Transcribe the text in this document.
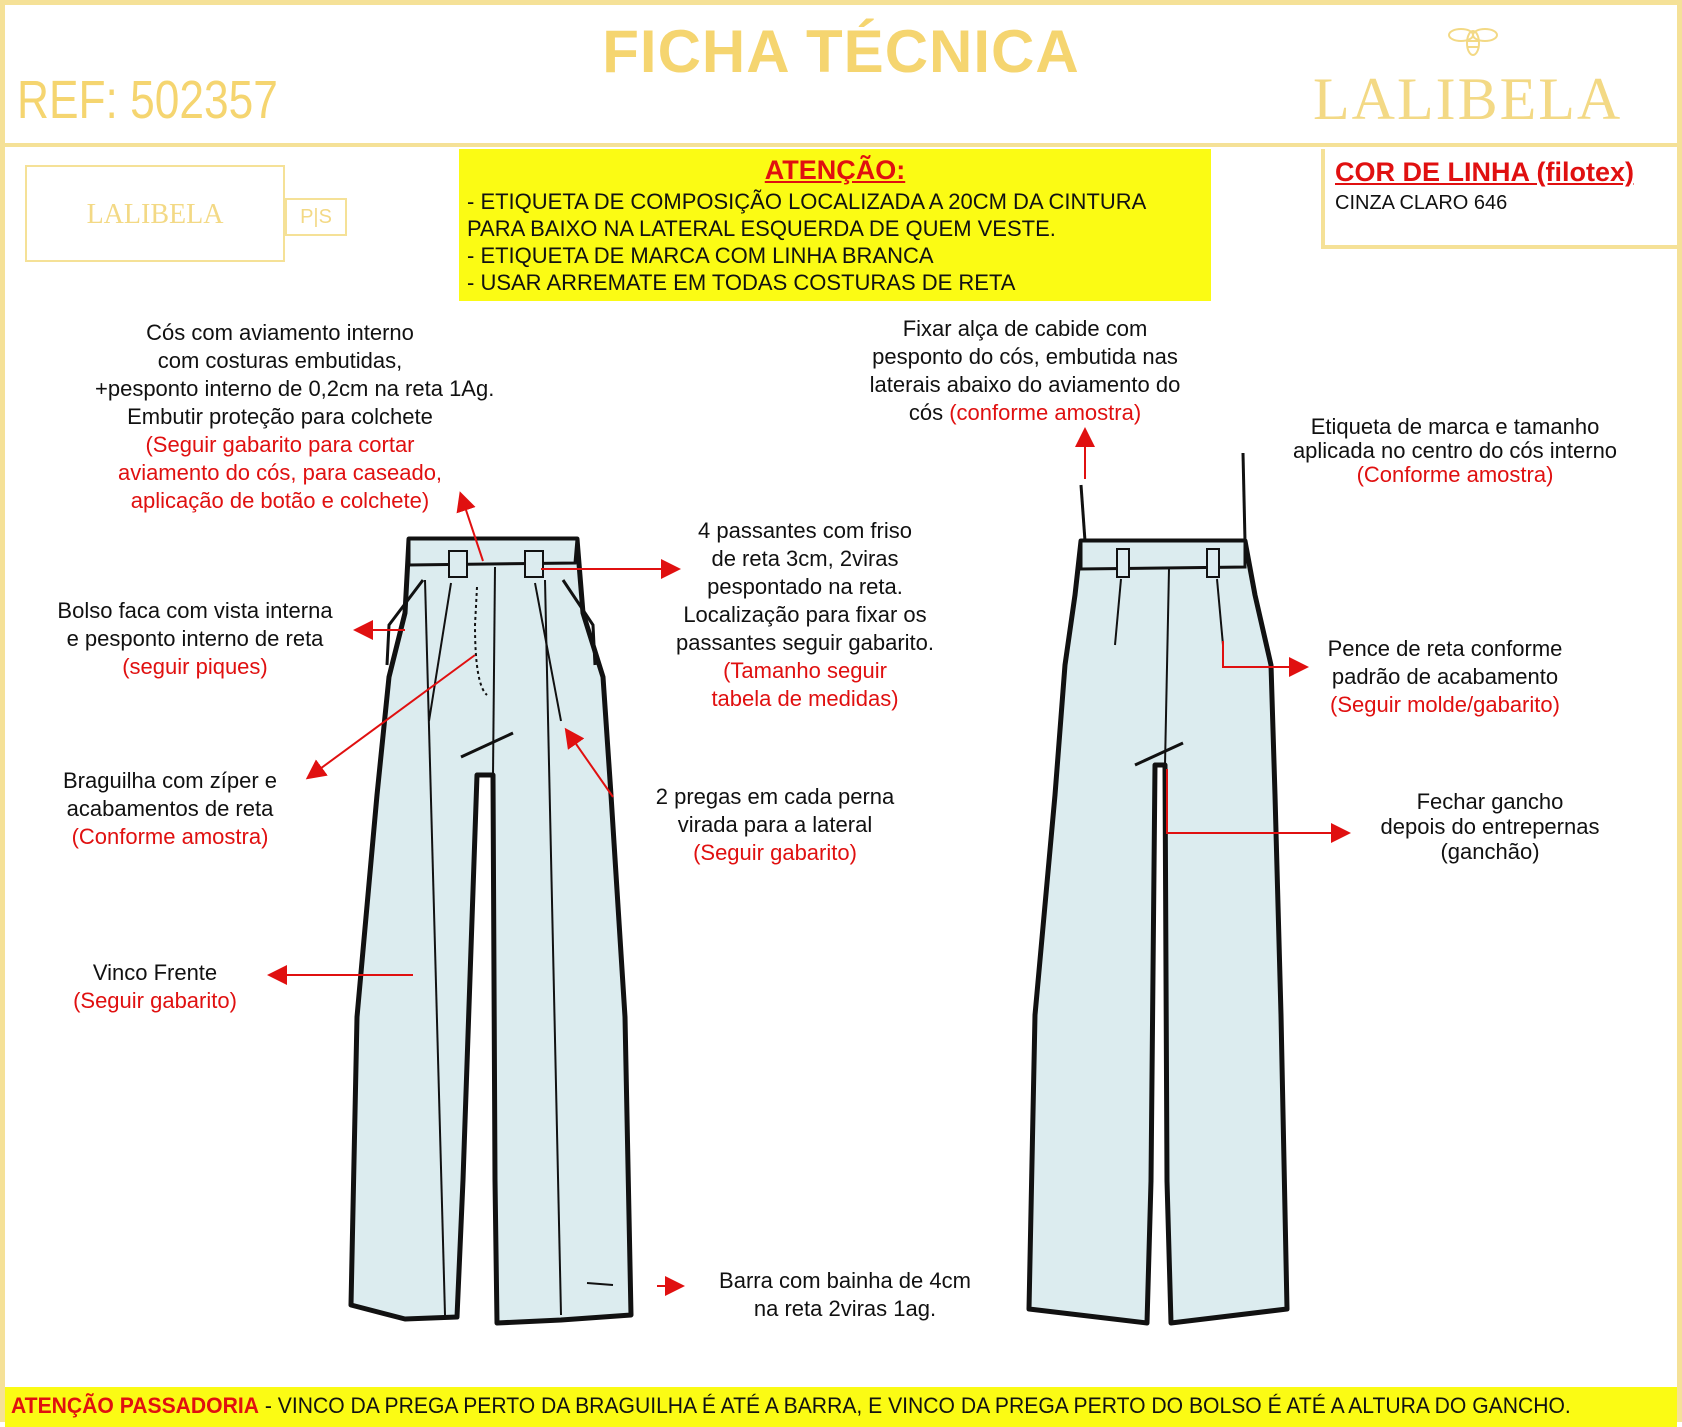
FICHA TÉCNICA
REF: 502357	LALIBELA
LALIBELA	P|S
ATENÇÃO:
- ETIQUETA DE COMPOSIÇÃO LOCALIZADA A 20CM DA CINTURA
PARA BAIXO NA LATERAL ESQUERDA DE QUEM VESTE.
- ETIQUETA DE MARCA COM LINHA BRANCA
- USAR ARREMATE EM TODAS COSTURAS DE RETA
COR DE LINHA (filotex)
CINZA CLARO 646
Cós com aviamento interno
com costuras embutidas,
+pesponto interno de 0,2cm na reta 1Ag.
Embutir proteção para colchete
(Seguir gabarito para cortar
aviamento do cós, para caseado,
aplicação de botão e colchete)
Bolso faca com vista interna
e pesponto interno de reta
(seguir piques)
Braguilha com zíper e
acabamentos de reta
(Conforme amostra)
Vinco Frente
(Seguir gabarito)
4 passantes com friso
de reta 3cm, 2viras
pespontado na reta.
Localização para fixar os
passantes seguir gabarito.
(Tamanho seguir
tabela de medidas)
2 pregas em cada perna
virada para a lateral
(Seguir gabarito)
Barra com bainha de 4cm
na reta 2viras 1ag.
Fixar alça de cabide com
pesponto do cós, embutida nas
laterais abaixo do aviamento do
cós (conforme amostra)
Etiqueta de marca e tamanho
aplicada no centro do cós interno
(Conforme amostra)
Pence de reta conforme
padrão de acabamento
(Seguir molde/gabarito)
Fechar gancho
depois do entrepernas
(ganchão)
ATENÇÃO PASSADORIA - VINCO DA PREGA PERTO DA BRAGUILHA É ATÉ A BARRA, E VINCO DA PREGA PERTO DO BOLSO É ATÉ A ALTURA DO GANCHO.
